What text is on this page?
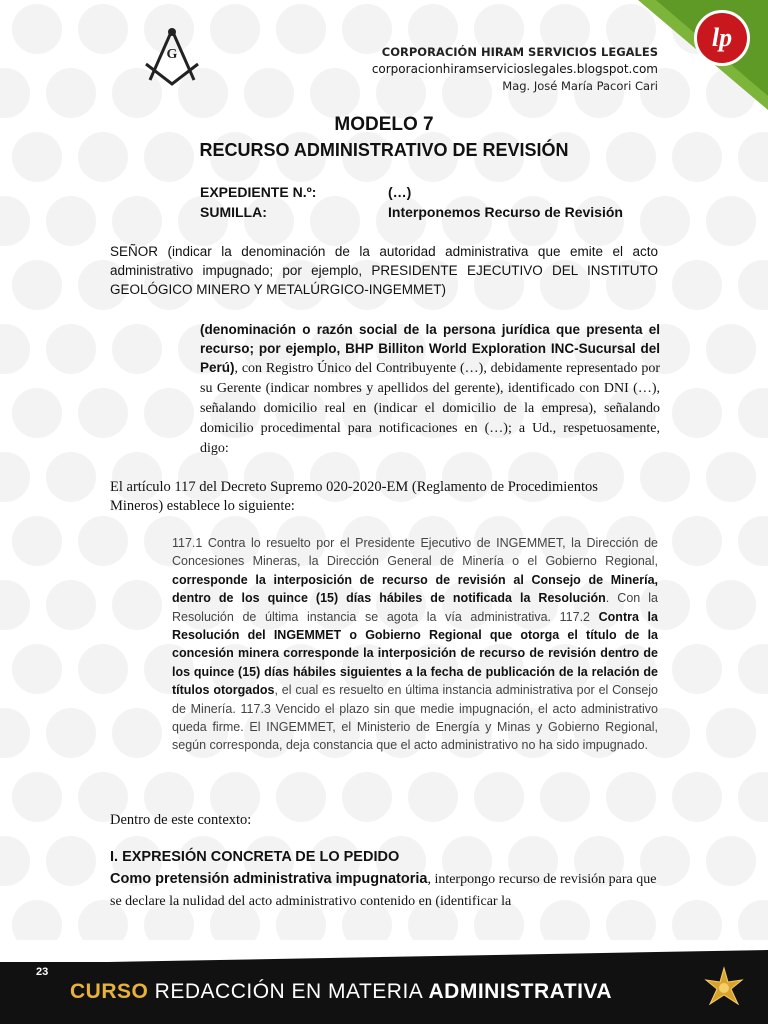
lp
G	CORPORACIÓN HIRAM SERVICIOS LEGALES
corporacionhiramservicioslegales.blogspot.com
Mag. José María Pacori Cari
MODELO 7
RECURSO ADMINISTRATIVO DE REVISIÓN
EXPEDIENTE N.º:	(…)
SUMILLA:	Interponemos Recurso de Revisión
SEÑOR (indicar la denominación de la autoridad administrativa que emite el acto administrativo impugnado; por ejemplo, PRESIDENTE EJECUTIVO DEL INSTITUTO GEOLÓGICO MINERO Y METALÚRGICO-INGEMMET)
(denominación o razón social de la persona jurídica que presenta el recurso; por ejemplo, BHP Billiton World Exploration INC-Sucursal del Perú), con Registro Único del Contribuyente (…), debidamente representado por su Gerente (indicar nombres y apellidos del gerente), identificado con DNI (…), señalando domicilio real en (indicar el domicilio de la empresa), señalando domicilio procedimental para notificaciones en (…); a Ud., respetuosamente, digo:
El artículo 117 del Decreto Supremo 020-2020-EM (Reglamento de Procedimientos Mineros) establece lo siguiente:
117.1 Contra lo resuelto por el Presidente Ejecutivo de INGEMMET, la Dirección de Concesiones Mineras, la Dirección General de Minería o el Gobierno Regional, corresponde la interposición de recurso de revisión al Consejo de Minería, dentro de los quince (15) días hábiles de notificada la Resolución. Con la Resolución de última instancia se agota la vía administrativa. 117.2 Contra la Resolución del INGEMMET o Gobierno Regional que otorga el título de la concesión minera corresponde la interposición de recurso de revisión dentro de los quince (15) días hábiles siguientes a la fecha de publicación de la relación de títulos otorgados, el cual es resuelto en última instancia administrativa por el Consejo de Minería. 117.3 Vencido el plazo sin que medie impugnación, el acto administrativo queda firme. El INGEMMET, el Ministerio de Energía y Minas y Gobierno Regional, según corresponda, deja constancia que el acto administrativo no ha sido impugnado.
Dentro de este contexto:
I. EXPRESIÓN CONCRETA DE LO PEDIDO
Como pretensión administrativa impugnatoria, interpongo recurso de revisión para que se declare la nulidad del acto administrativo contenido en (identificar la
23
CURSO REDACCIÓN EN MATERIA ADMINISTRATIVA
